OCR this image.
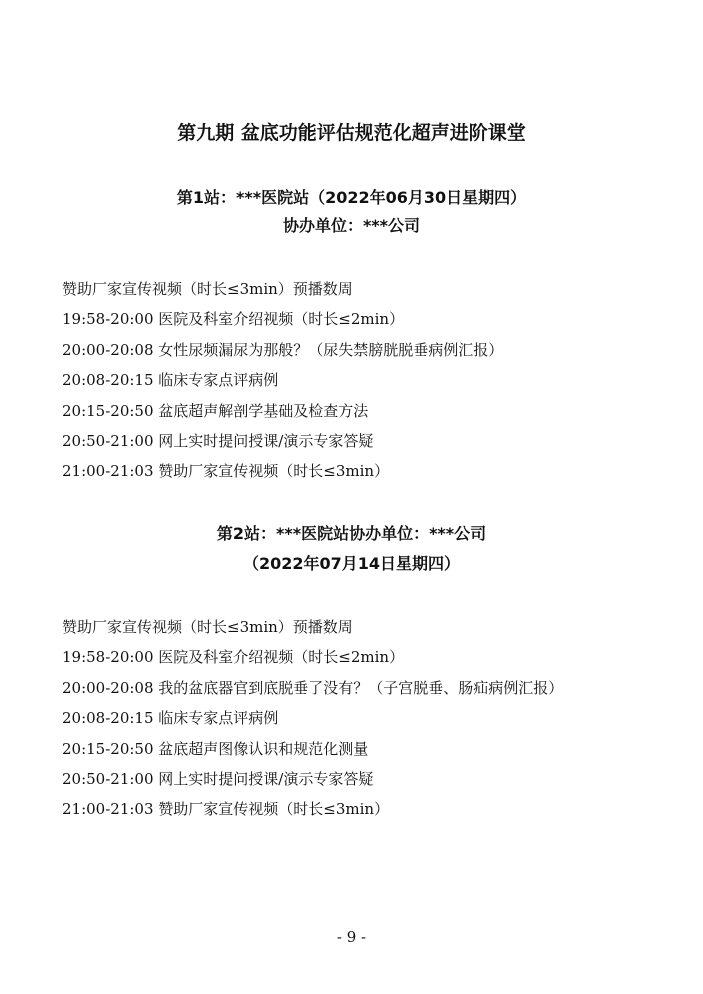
第九期 盆底功能评估规范化超声进阶课堂
第1站：***医院站（2022年06月30日星期四）
协办单位：***公司
赞助厂家宣传视频（时长≤3min）预播数周
19:58-20:00 医院及科室介绍视频（时长≤2min）
20:00-20:08 女性尿频漏尿为那般？（尿失禁膀胱脱垂病例汇报）
20:08-20:15 临床专家点评病例
20:15-20:50 盆底超声解剖学基础及检查方法
20:50-21:00 网上实时提问授课/演示专家答疑
21:00-21:03 赞助厂家宣传视频（时长≤3min）
第2站：***医院站协办单位：***公司
（2022年07月14日星期四）
赞助厂家宣传视频（时长≤3min）预播数周
19:58-20:00 医院及科室介绍视频（时长≤2min）
20:00-20:08 我的盆底器官到底脱垂了没有？（子宫脱垂、肠疝病例汇报）
20:08-20:15 临床专家点评病例
20:15-20:50 盆底超声图像认识和规范化测量
20:50-21:00 网上实时提问授课/演示专家答疑
21:00-21:03 赞助厂家宣传视频（时长≤3min）
- 9 -
